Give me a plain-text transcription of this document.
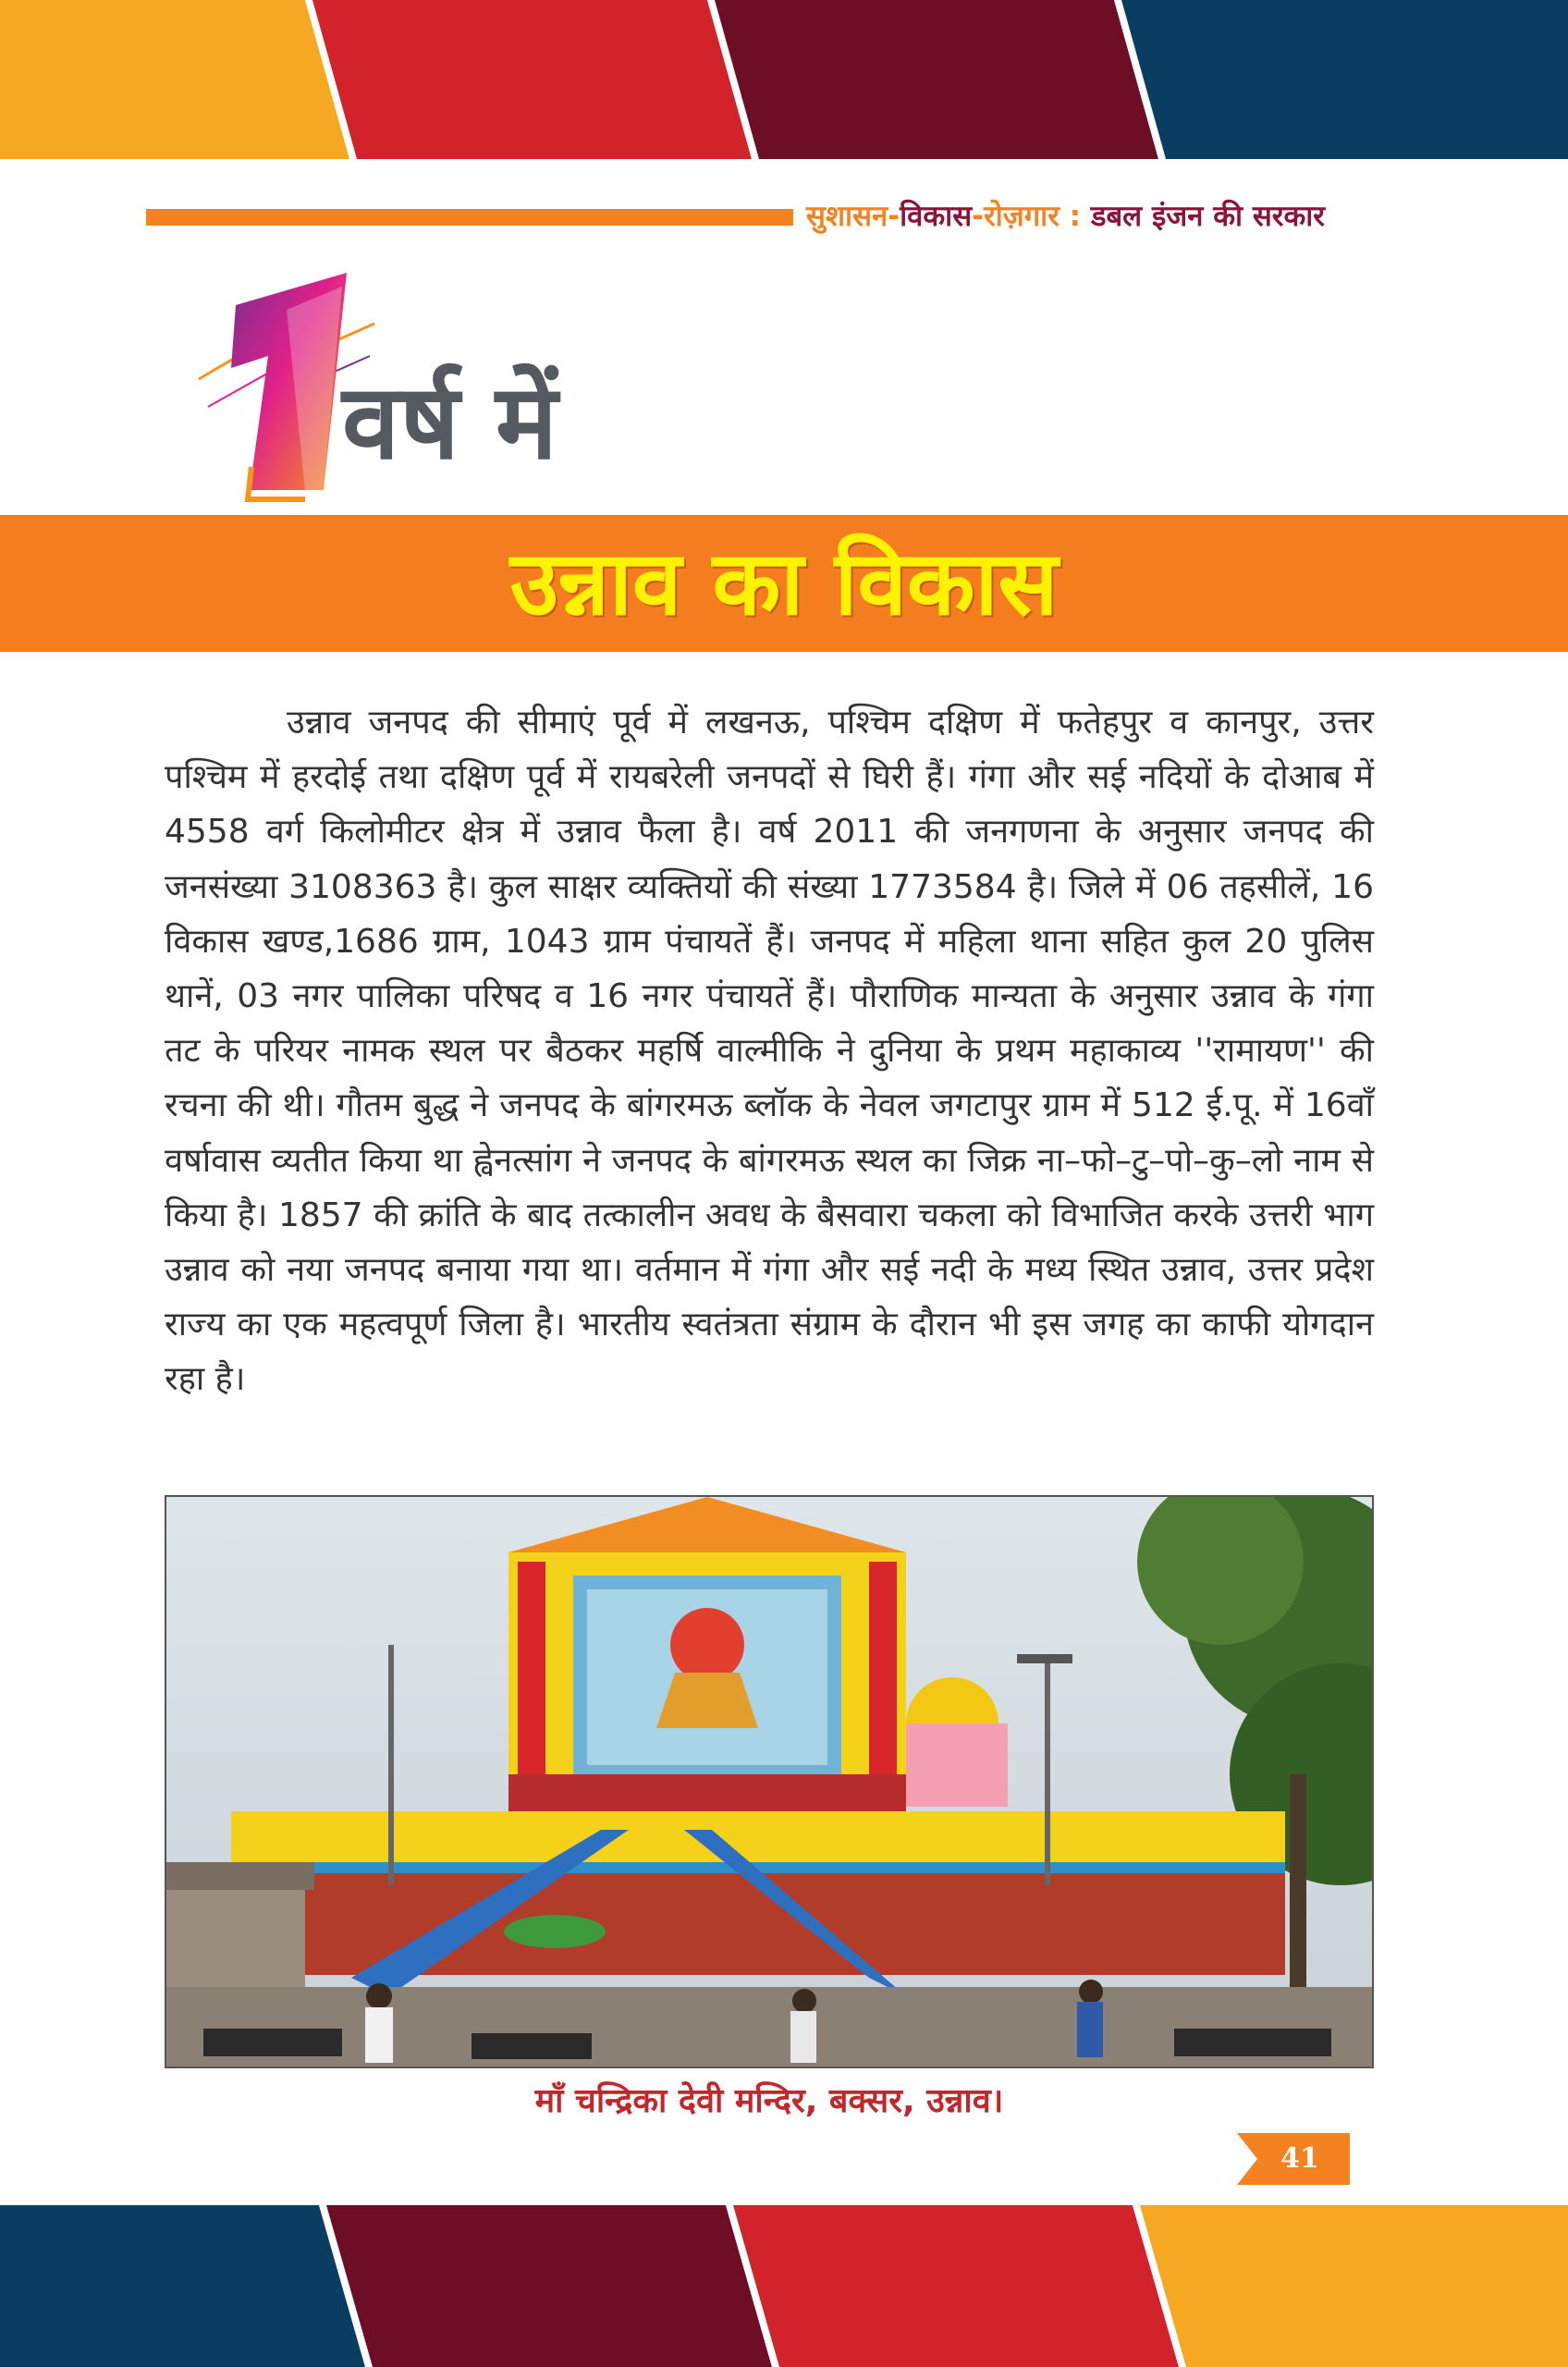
सुशासन-विकास-रोज़गार : डबल इंजन की सरकार
वर्ष में
उन्नाव का विकास

उन्नाव जनपद की सीमाएं पूर्व में लखनऊ, पश्चिम दक्षिण में फतेहपुर व कानपुर, उत्तर पश्चिम में हरदोई तथा दक्षिण पूर्व में रायबरेली जनपदों से घिरी हैं। गंगा और सई नदियों के दोआब में 4558 वर्ग किलोमीटर क्षेत्र में उन्नाव फैला है। वर्ष 2011 की जनगणना के अनुसार जनपद की जनसंख्या 3108363 है। कुल साक्षर व्यक्तियों की संख्या 1773584 है। जिले में 06 तहसीलें, 16 विकास खण्ड,1686 ग्राम, 1043 ग्राम पंचायतें हैं। जनपद में महिला थाना सहित कुल 20 पुलिस थानें, 03 नगर पालिका परिषद व 16 नगर पंचायतें हैं। पौराणिक मान्यता के अनुसार उन्नाव के गंगा तट के परियर नामक स्थल पर बैठकर महर्षि वाल्मीकि ने दुनिया के प्रथम महाकाव्य ''रामायण'' की रचना की थी। गौतम बुद्ध ने जनपद के बांगरमऊ ब्लॉक के नेवल जगटापुर ग्राम में 512 ई.पू. में 16वाँ वर्षावास व्यतीत किया था ह्वेनत्सांग ने जनपद के बांगरमऊ स्थल का जिक्र ना–फो–टु–पो–कु–लो नाम से किया है। 1857 की क्रांति के बाद तत्कालीन अवध के बैसवारा चकला को विभाजित करके उत्तरी भाग उन्नाव को नया जनपद बनाया गया था। वर्तमान में गंगा और सई नदी के मध्य स्थित उन्नाव, उत्तर प्रदेश राज्य का एक महत्वपूर्ण जिला है। भारतीय स्वतंत्रता संग्राम के दौरान भी इस जगह का काफी योगदान रहा है।

माँ चन्द्रिका देवी मन्दिर, बक्सर, उन्नाव।
41
